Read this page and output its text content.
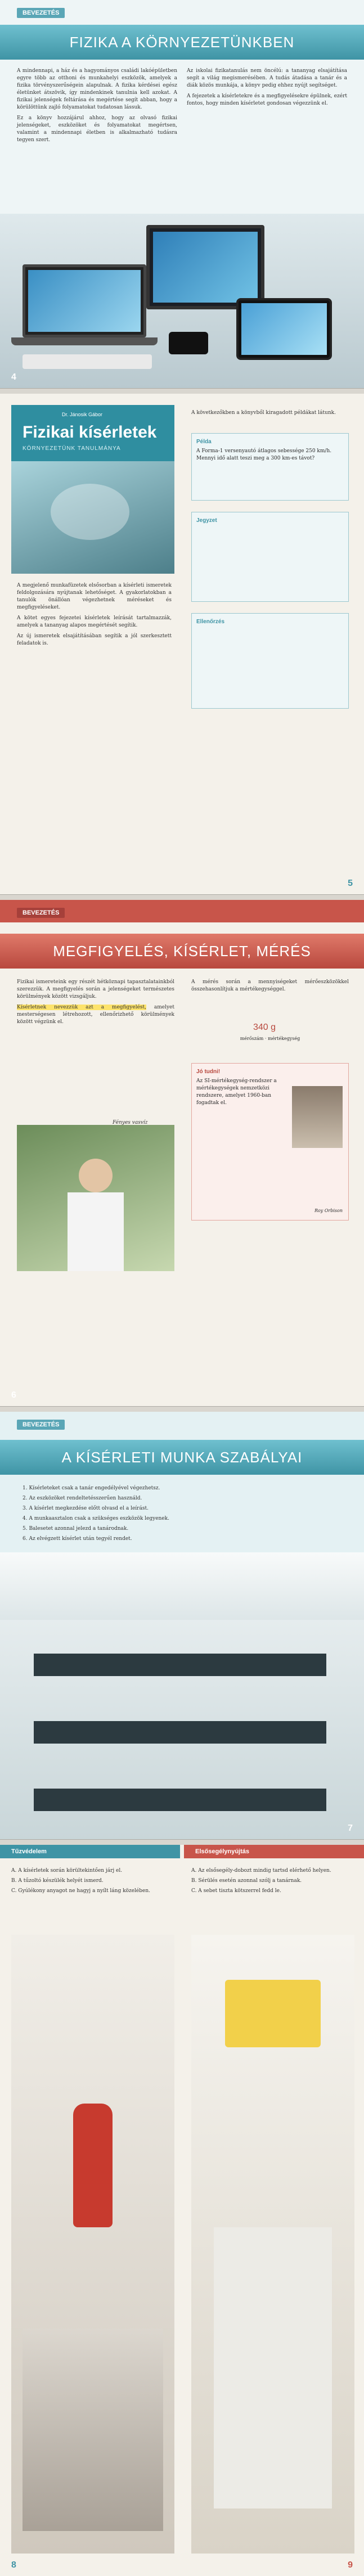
BEVEZETÉS
FIZIKA A KÖRNYEZETÜNKBEN

A mindennapi, a ház és a hagyományos családi lakóépületben egyre több az otthoni és munkahelyi eszközök, amelyek a fizika törvényszerűségein alapulnak. A fizika kérdései egész életünket átszövik, így mindenkinek tanulnia kell azokat. A fizikai jelenségek feltárása és megértése segít abban, hogy a körülöttünk zajló folyamatokat tudatosan lássuk.

Ez a könyv hozzájárul ahhoz, hogy az olvasó fizikai jelenségeket, eszközöket és folyamatokat megértsen, valamint a mindennapi életben is alkalmazható tudásra tegyen szert.

Az iskolai fizikatanulás nem öncélú: a tananyag elsajátítása segít a világ megismerésében. A tudás átadása a tanár és a diák közös munkája, a könyv pedig ehhez nyújt segítséget.

A fejezetek a kísérletekre és a megfigyelésekre épülnek, ezért fontos, hogy minden kísérletet gondosan végezzünk el.

4
Dr. Jánosik Gábor
Fizikai kísérletek
KÖRNYEZETÜNK TANULMÁNYA

A megjelenő munkafüzetek elsősorban a kísérleti ismeretek feldolgozására nyújtanak lehetőséget. A gyakorlatokban a tanulók önállóan végezhetnek méréseket és megfigyeléseket.

A kötet egyes fejezetei kísérletek leírását tartalmazzák, amelyek a tananyag alapos megértését segítik.

Az új ismeretek elsajátításában segítik a jól szerkesztett feladatok is.

A következőkben a könyvből kiragadott példákat látunk.
Példa
A Forma-1 versenyautó átlagos sebessége 250 km/h. Mennyi idő alatt teszi meg a 300 km-es távot?
Jegyzet
Ellenőrzés
5
BEVEZETÉS
MEGFIGYELÉS, KÍSÉRLET, MÉRÉS

Fizikai ismereteink egy részét hétköznapi tapasztalatainkból szerezzük. A megfigyelés során a jelenségeket természetes körülmények között vizsgáljuk.

Kísérletnek nevezzük azt a megfigyelést, amelyet mesterségesen létrehozott, ellenőrizhető körülmények között végzünk el.

Fényes vasvíz
A mérés során a mennyiségeket mérőeszközökkel összehasonlítjuk a mértékegységgel.
340 g
mérőszám · mértékegység
Jó tudni!
Az SI-mértékegység-rendszer a mértékegységek nemzetközi rendszere, amelyet 1960-ban fogadtak el.
Roy Orbison
6
BEVEZETÉS
A KÍSÉRLETI MUNKA SZABÁLYAI
1. Kísérleteket csak a tanár engedélyével végezhetsz.
2. Az eszközöket rendeltetésszerűen használd.
3. A kísérlet megkezdése előtt olvasd el a leírást.
4. A munkaasztalon csak a szükséges eszközök legyenek.
5. Balesetet azonnal jelezd a tanárodnak.
6. Az elvégzett kísérlet után tegyél rendet.
7
Tűzvédelem	Elsősegélynyújtás
A. A kísérletek során körültekintően járj el.
B. A tűzoltó készülék helyét ismerd.
C. Gyúlékony anyagot ne hagyj a nyílt láng közelében.
A. Az elsősegély-dobozt mindig tartsd elérhető helyen.
B. Sérülés esetén azonnal szólj a tanárnak.
C. A sebet tiszta kötszerrel fedd le.
8	9
